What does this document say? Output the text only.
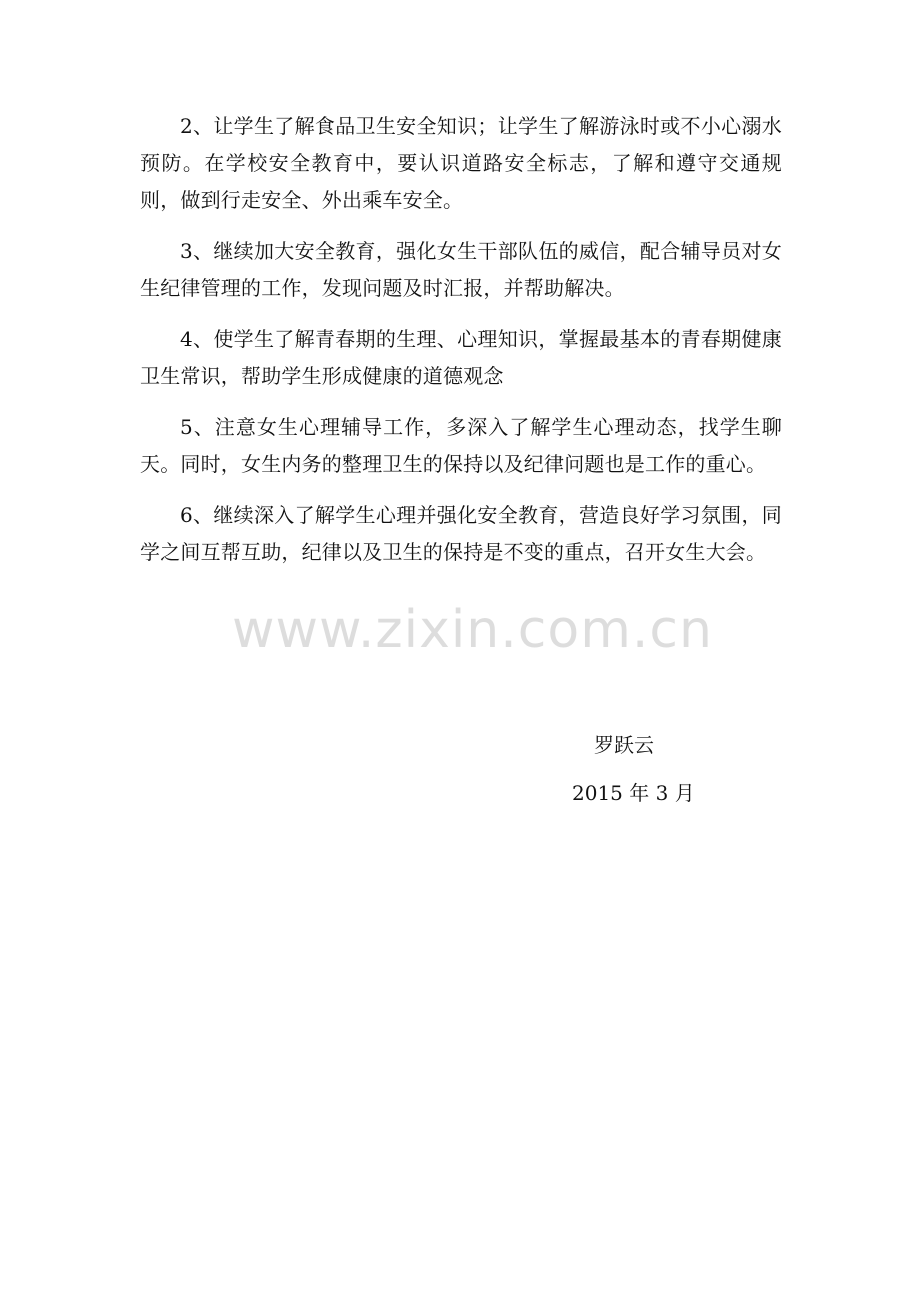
2、让学生了解食品卫生安全知识；让学生了解游泳时或不小心溺水预防。在学校安全教育中，要认识道路安全标志，了解和遵守交通规则，做到行走安全、外出乘车安全。

3、继续加大安全教育，强化女生干部队伍的威信，配合辅导员对女生纪律管理的工作，发现问题及时汇报，并帮助解决。

4、使学生了解青春期的生理、心理知识，掌握最基本的青春期健康卫生常识，帮助学生形成健康的道德观念

5、注意女生心理辅导工作，多深入了解学生心理动态，找学生聊天。同时，女生内务的整理卫生的保持以及纪律问题也是工作的重心。

6、继续深入了解学生心理并强化安全教育，营造良好学习氛围，同学之间互帮互助，纪律以及卫生的保持是不变的重点，召开女生大会。

www.zixin.com.cn
罗跃云
2015 年 3 月
